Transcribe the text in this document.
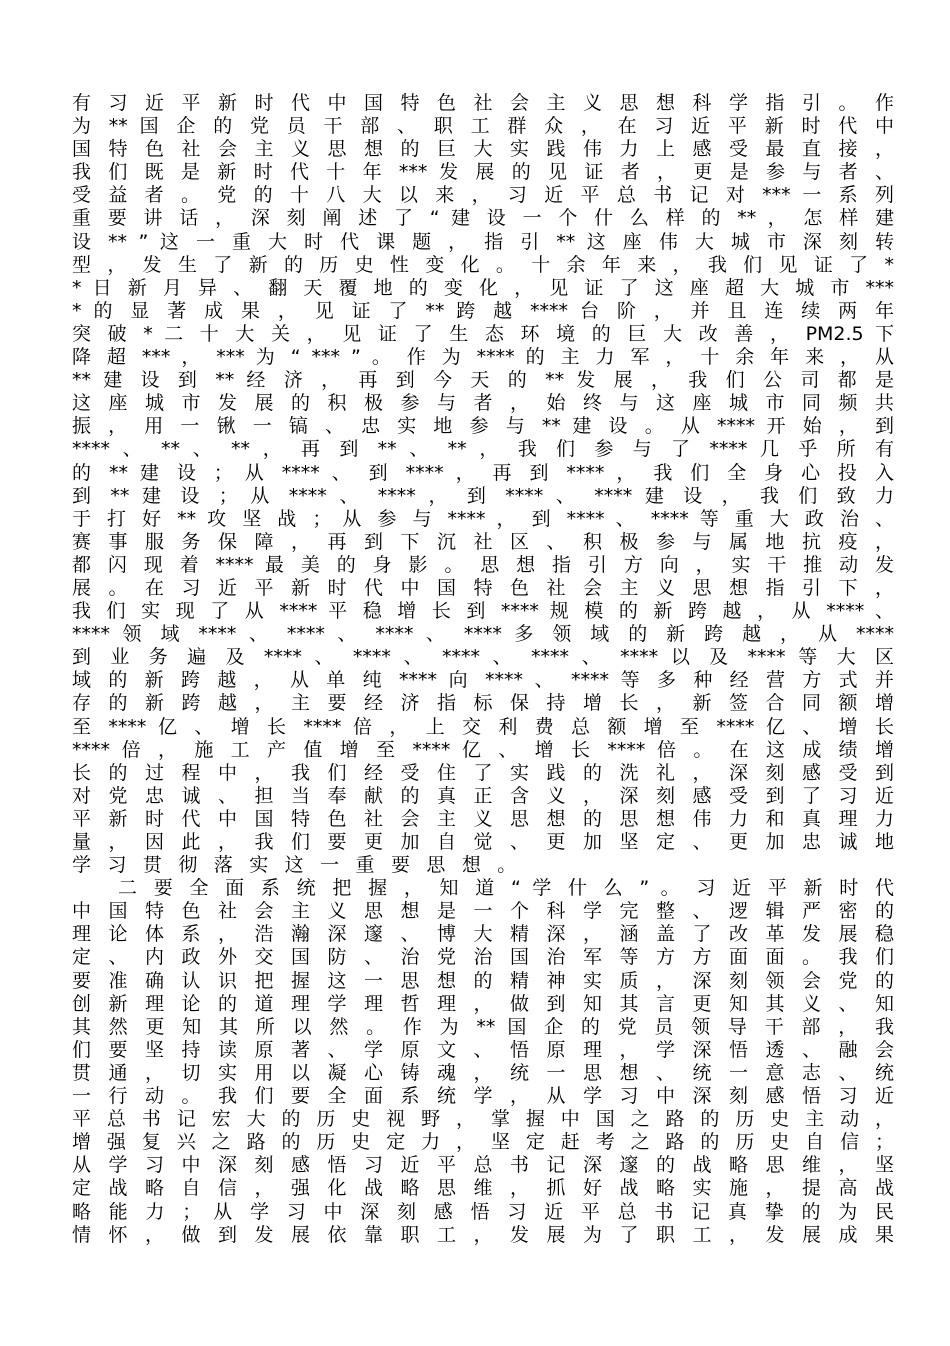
有 习 近 平 新 时 代 中 国 特 色 社 会 主 义 思 想 科 学 指 引 。 作
为 ** 国 企 的 党 员 干 部 、 职 工 群 众 ， 在 习 近 平 新 时 代 中
国 特 色 社 会 主 义 思 想 的 巨 大 实 践 伟 力 上 感 受 最 直 接 ，
我 们 既 是 新 时 代 十 年 *** 发 展 的 见 证 者 ， 更 是 参 与 者 、
受 益 者 。 党 的 十 八 大 以 来 ， 习 近 平 总 书 记 对 *** 一 系 列
重 要 讲 话 ， 深 刻 阐 述 了 “ 建 设 一 个 什 么 样 的 ** ， 怎 样 建
设 ** ” 这 一 重 大 时 代 课 题 ， 指 引 ** 这 座 伟 大 城 市 深 刻 转
型 ， 发 生 了 新 的 历 史 性 变 化 。 十 余 年 来 ， 我 们 见 证 了 *
* 日 新 月 异 、 翻 天 覆 地 的 变 化 ， 见 证 了 这 座 超 大 城 市 ***
* 的 显 著 成 果 ， 见 证 了 ** 跨 越 **** 台 阶 ， 并 且 连 续 两 年
突 破 * 二 十 大 关 ， 见 证 了 生 态 环 境 的 巨 大 改 善 ， PM2.5 下
降 超 *** ， *** 为 “ *** ” 。 作 为 **** 的 主 力 军 ， 十 余 年 来 ， 从
** 建 设 到 ** 经 济 ， 再 到 今 天 的 ** 发 展 ， 我 们 公 司 都 是
这 座 城 市 发 展 的 积 极 参 与 者 ， 始 终 与 这 座 城 市 同 频 共
振 ， 用 一 锹 一 镐 、 忠 实 地 参 与 ** 建 设 。 从 **** 开 始 ， 到
**** 、 ** 、 ** ， 再 到 ** 、 ** ， 我 们 参 与 了 **** 几 乎 所 有
的 ** 建 设 ； 从 **** 、 到 **** ， 再 到 **** ， 我 们 全 身 心 投 入
到 ** 建 设 ； 从 **** 、 **** ， 到 **** 、 **** 建 设 ， 我 们 致 力
于 打 好 ** 攻 坚 战 ； 从 参 与 **** ， 到 **** 、 **** 等 重 大 政 治 、
赛 事 服 务 保 障 ， 再 到 下 沉 社 区 、 积 极 参 与 属 地 抗 疫 ，
都 闪 现 着 **** 最 美 的 身 影 。 思 想 指 引 方 向 ， 实 干 推 动 发
展 。 在 习 近 平 新 时 代 中 国 特 色 社 会 主 义 思 想 指 引 下 ，
我 们 实 现 了 从 **** 平 稳 增 长 到 **** 规 模 的 新 跨 越 ， 从 **** 、
**** 领 域 **** 、 **** 、 **** 、 **** 多 领 域 的 新 跨 越 ， 从 ****
到 业 务 遍 及 **** 、 **** 、 **** 、 **** 、 **** 以 及 **** 等 大 区
域 的 新 跨 越 ， 从 单 纯 **** 向 **** 、 **** 等 多 种 经 营 方 式 并
存 的 新 跨 越 ， 主 要 经 济 指 标 保 持 增 长 ， 新 签 合 同 额 增
至 **** 亿 、 增 长 **** 倍 ， 上 交 利 费 总 额 增 至 **** 亿 、 增 长
**** 倍 ， 施 工 产 值 增 至 **** 亿 、 增 长 **** 倍 。 在 这 成 绩 增
长 的 过 程 中 ， 我 们 经 受 住 了 实 践 的 洗 礼 ， 深 刻 感 受 到
对 党 忠 诚 、 担 当 奉 献 的 真 正 含 义 ， 深 刻 感 受 到 了 习 近
平 新 时 代 中 国 特 色 社 会 主 义 思 想 的 思 想 伟 力 和 真 理 力
量 ， 因 此 ， 我 们 要 更 加 自 觉 、 更 加 坚 定 、 更 加 忠 诚 地
学 习 贯 彻 落 实 这 一 重 要 思 想 。
二 要 全 面 系 统 把 握 ， 知 道 “ 学 什 么 ” 。 习 近 平 新 时 代
中 国 特 色 社 会 主 义 思 想 是 一 个 科 学 完 整 、 逻 辑 严 密 的
理 论 体 系 ， 浩 瀚 深 邃 、 博 大 精 深 ， 涵 盖 了 改 革 发 展 稳
定 、 内 政 外 交 国 防 、 治 党 治 国 治 军 等 方 方 面 面 。 我 们
要 准 确 认 识 把 握 这 一 思 想 的 精 神 实 质 ， 深 刻 领 会 党 的
创 新 理 论 的 道 理 学 理 哲 理 ， 做 到 知 其 言 更 知 其 义 、 知
其 然 更 知 其 所 以 然 。 作 为 ** 国 企 的 党 员 领 导 干 部 ， 我
们 要 坚 持 读 原 著 、 学 原 文 、 悟 原 理 ， 学 深 悟 透 、 融 会
贯 通 ， 切 实 用 以 凝 心 铸 魂 ， 统 一 思 想 、 统 一 意 志 、 统
一 行 动 。 我 们 要 全 面 系 统 学 ， 从 学 习 中 深 刻 感 悟 习 近
平 总 书 记 宏 大 的 历 史 视 野 ， 掌 握 中 国 之 路 的 历 史 主 动 ，
增 强 复 兴 之 路 的 历 史 定 力 ， 坚 定 赶 考 之 路 的 历 史 自 信 ；
从 学 习 中 深 刻 感 悟 习 近 平 总 书 记 深 邃 的 战 略 思 维 ， 坚
定 战 略 自 信 ， 强 化 战 略 思 维 ， 抓 好 战 略 实 施 ， 提 高 战
略 能 力 ； 从 学 习 中 深 刻 感 悟 习 近 平 总 书 记 真 挚 的 为 民
情 怀 ， 做 到 发 展 依 靠 职 工 ， 发 展 为 了 职 工 ， 发 展 成 果
